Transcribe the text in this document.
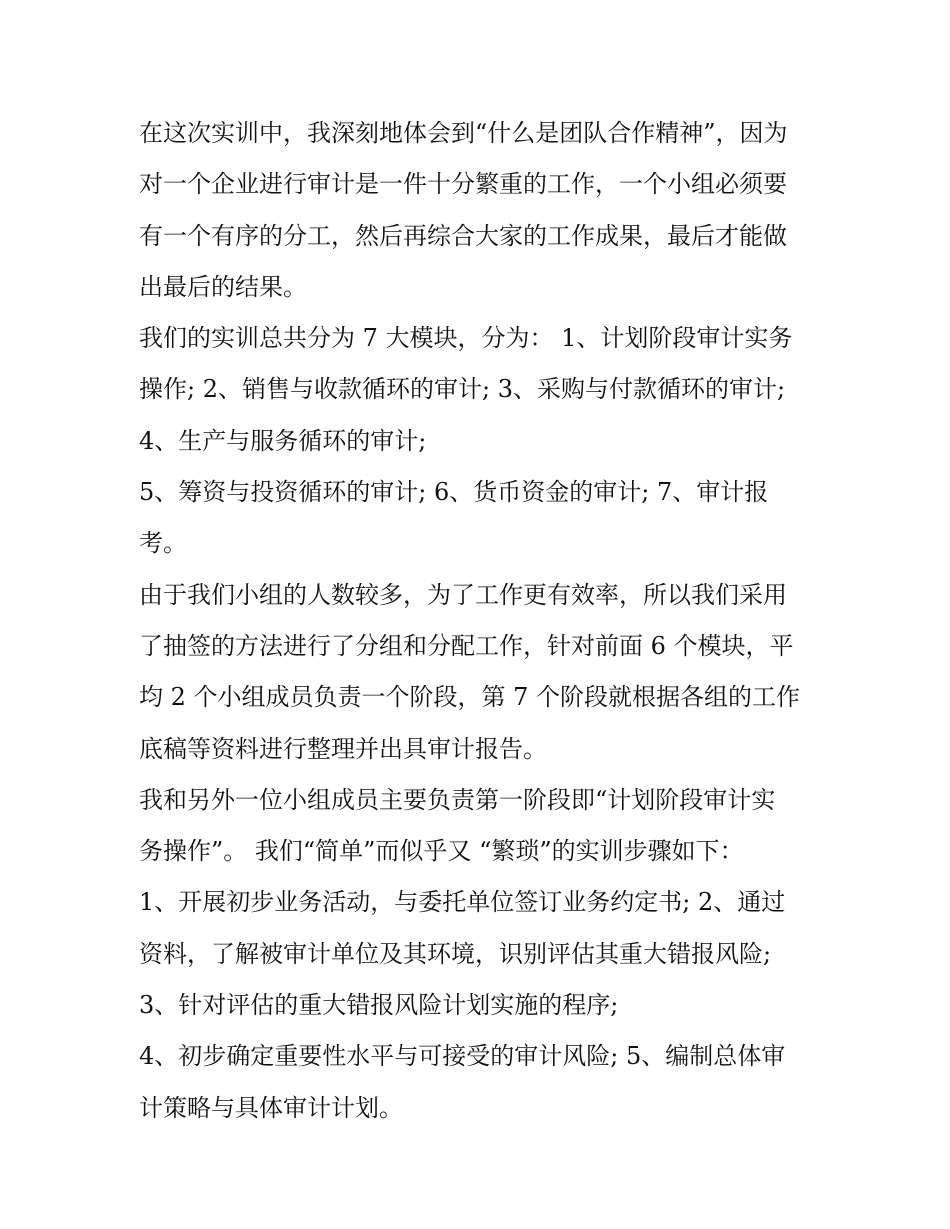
在这次实训中，我深刻地体会到“什么是团队合作精神”，因为
对一个企业进行审计是一件十分繁重的工作，一个小组必须要
有一个有序的分工，然后再综合大家的工作成果，最后才能做
出最后的结果。
我们的实训总共分为 7 大模块，分为： 1、计划阶段审计实务
操作; 2、销售与收款循环的审计; 3、采购与付款循环的审计;
4、生产与服务循环的审计;
5、筹资与投资循环的审计; 6、货币资金的审计; 7、审计报
考。
由于我们小组的人数较多，为了工作更有效率，所以我们采用
了抽签的方法进行了分组和分配工作，针对前面 6 个模块，平
均 2 个小组成员负责一个阶段，第 7 个阶段就根据各组的工作
底稿等资料进行整理并出具审计报告。
我和另外一位小组成员主要负责第一阶段即“计划阶段审计实
务操作”。 我们“简单”而似乎又 “繁琐”的实训步骤如下：
1、开展初步业务活动，与委托单位签订业务约定书; 2、通过
资料，了解被审计单位及其环境，识别评估其重大错报风险;
3、针对评估的重大错报风险计划实施的程序;
4、初步确定重要性水平与可接受的审计风险; 5、编制总体审
计策略与具体审计计划。
